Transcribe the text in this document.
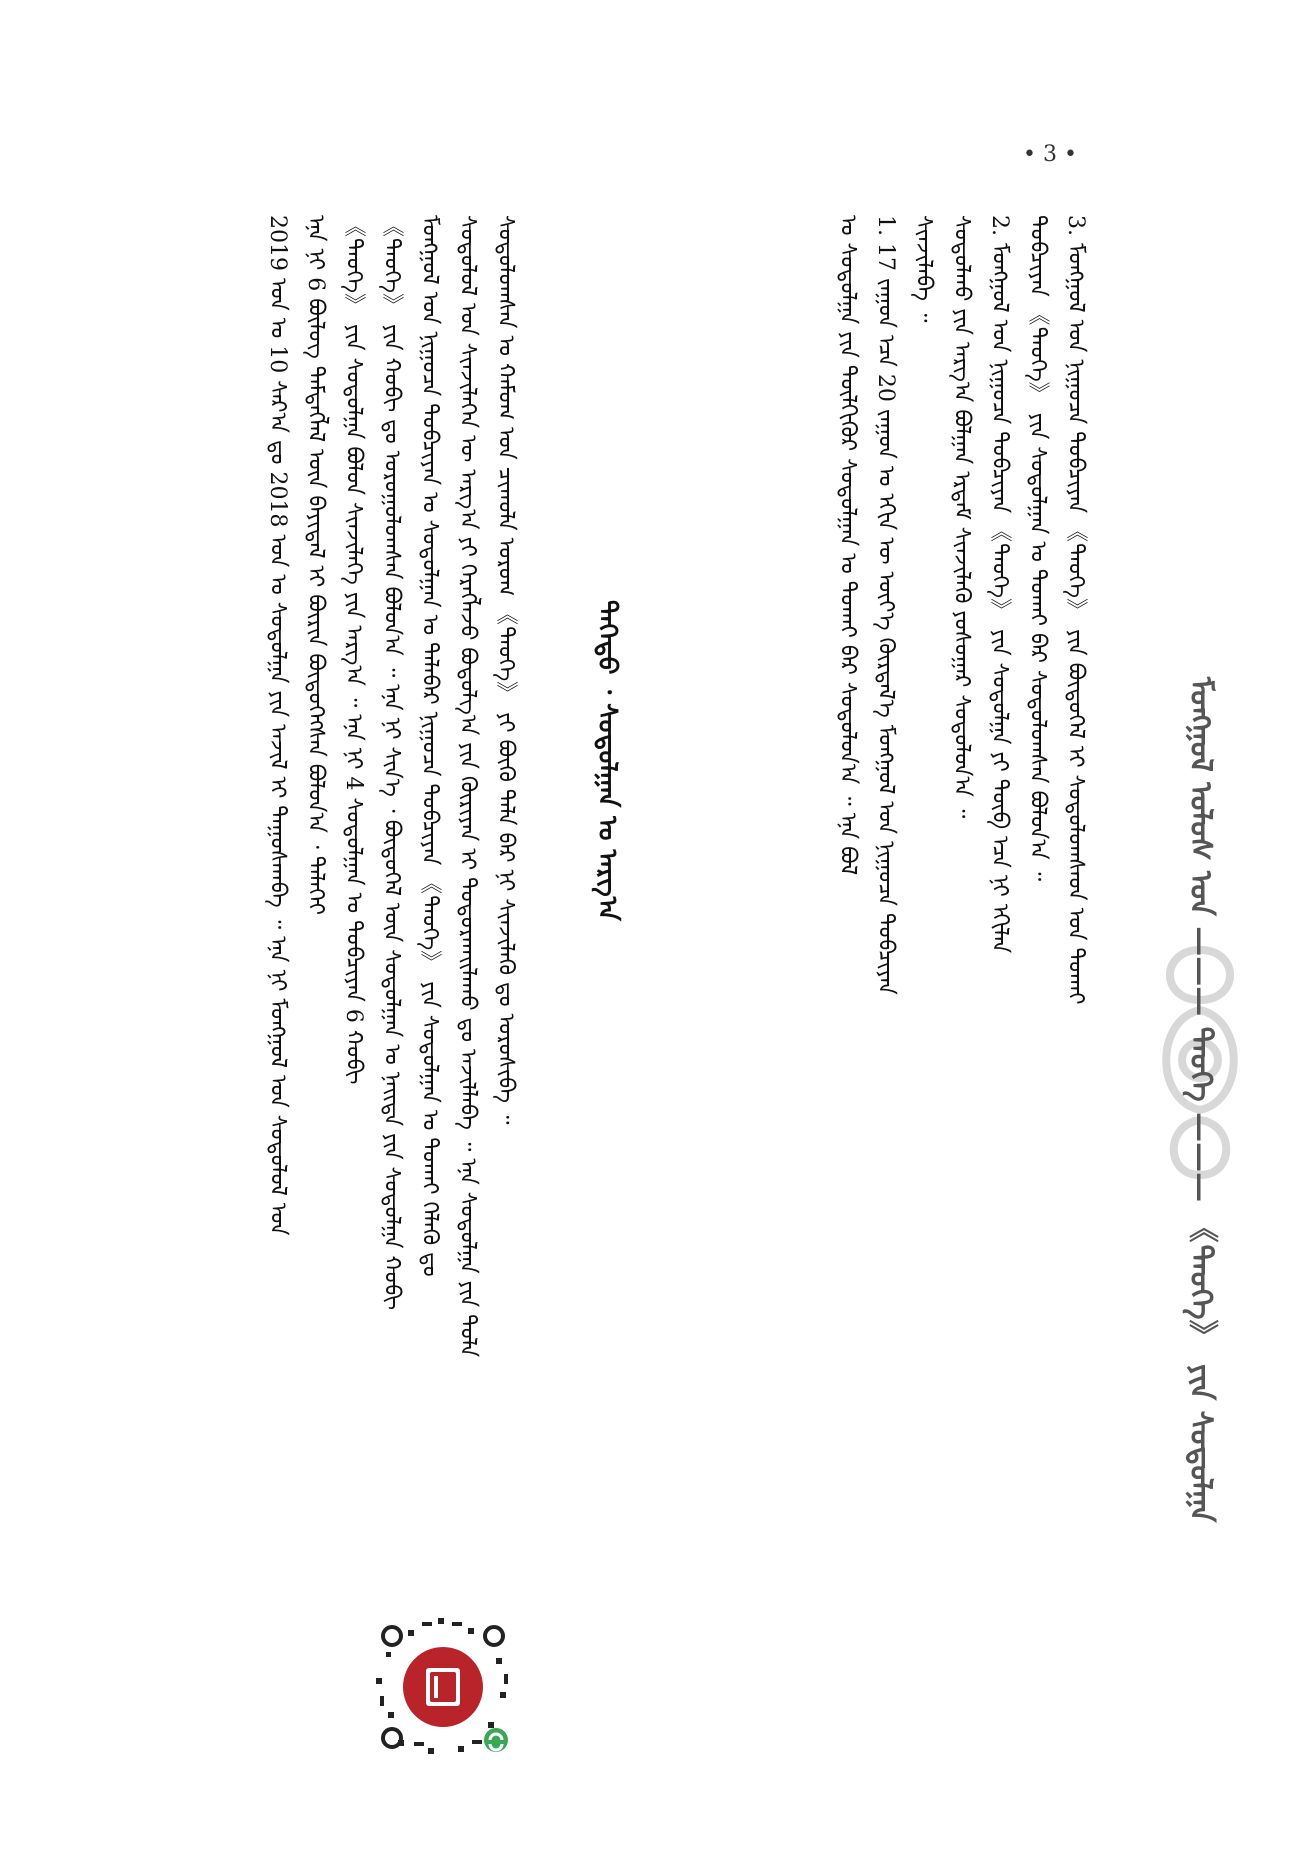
• 3 •
ᠮᠣᠩᠭᠣᠯ ᠤᠯᠤᠰ ᠤᠨ ——— ᠲᠡᠦᠬᠡ ——— 《ᠲᠡᠦᠬᠡ》 ᠶᠢᠨ ᠰᠤᠳᠤᠯᠭᠠ
3. ᠮᠣᠩᠭᠣᠯ ᠤᠨ ᠨᠢᠭᠤᠴᠠ ᠲᠣᠪᠴᠢᠶᠠᠨ 《ᠲᠡᠦᠬᠡ》 ᠶᠢᠨ ᠪᠦᠲᠦᠭᠡᠯ ᠢ ᠰᠤᠳᠤᠯᠤᠭᠰᠠᠳ ᠤᠨ ᠲᠤᠬᠠᠢ
ᠲᠣᠪᠴᠢᠶᠠᠨ 《ᠲᠡᠦᠬᠡ》 ᠶᠢᠨ ᠰᠤᠳᠤᠯᠭᠠᠨ ᠤ ᠲᠤᠬᠠᠢ ᠪᠡᠷ ᠰᠤᠳᠤᠯᠤᠭᠰᠠᠨ ᠪᠣᠯᠤᠨ᠎ᠠ ᠃
2. ᠮᠣᠩᠭᠣᠯ ᠤᠨ ᠨᠢᠭᠤᠴᠠ ᠲᠣᠪᠴᠢᠶᠠᠨ 《ᠲᠡᠦᠬᠡ》 ᠶᠢᠨ ᠰᠤᠳᠤᠯᠭᠠ ᠶᠢ ᠲᠥᠪ ᠡᠴᠡ ᠨᠢ ᠡᠬᠢᠯᠡᠨ
ᠰᠤᠳᠤᠯᠬᠤ ᠶᠢᠨ ᠠᠷᠭ᠎ᠠ ᠪᠣᠯᠭᠠᠨ ᠡᠷᠳᠡᠮ ᠰᠢᠨᠵᠢᠯᠡᠬᠦ ᠶᠤᠰᠤᠭᠠᠷ ᠰᠤᠳᠤᠯᠤᠨ᠎ᠠ ᠃
ᠰᠢᠨᠵᠢᠯᠡᠪᠡ ᠃
1. 17 ᠵᠠᠭᠤᠨ ᠡᠴᠡ 20 ᠵᠠᠭᠤᠨ ᠤ ᠡᠬᠢᠨ ᠦ ᠦᠶ᠎ᠡ ᠬᠦᠷᠲᠡᠯ᠎ᠡ ᠮᠣᠩᠭᠣᠯ ᠤᠨ ᠨᠢᠭᠤᠴᠠ ᠲᠣᠪᠴᠢᠶᠠᠨ
ᠤ ᠰᠤᠳᠤᠯᠭᠠ ᠶᠢᠨ ᠲᠦᠯᠬᠢᠭᠦᠷ ᠰᠤᠳᠤᠯᠭᠠᠨ ᠤ ᠲᠤᠬᠠᠢ ᠪᠡᠷ ᠰᠤᠳᠤᠯᠤᠨ᠎ᠠ ᠃ ᠡᠨᠡ ᠪᠣᠯ
ᠳᠡᠬᠡᠳᠦ ᠂ ᠰᠤᠳᠤᠯᠭᠠᠨ ᠤ ᠠᠷᠭ᠎ᠠ
ᠰᠤᠳᠤᠯᠤᠭᠰᠠᠨ ᠤ ᠬᠠᠮᠤᠭ ᠤᠨ ᠴᠢᠬᠤᠯᠠ ᠤᠷᠤᠭ 《ᠲᠡᠦᠬᠡ》 ᠶᠢ ᠪᠦᠬᠦ ᠳᠠᠯᠠ ᠪᠡᠷ ᠨᠢ ᠰᠢᠨᠵᠢᠯᠡᠬᠦ ᠳᠤ ᠣᠷᠣᠰᠢᠪᠠ ᠃
ᠰᠤᠳᠤᠯᠤᠯ ᠤᠨ ᠰᠢᠨᠵᠢᠯᠡᠭᠡᠨ ᠦ ᠠᠷᠭ᠎ᠠ ᠶᠢ ᠬᠡᠷᠡᠭᠯᠡᠵᠦ ᠪᠣᠳᠣᠯᠭ᠎ᠠ ᠶᠢᠨ ᠬᠦᠷᠢᠶᠡᠨ ᠢ ᠲᠣᠳᠤᠷᠬᠠᠢᠯᠠᠬᠤ ᠳᠤ ᠠᠵᠢᠯᠯᠠᠪᠠ ᠃ ᠡᠨᠡ ᠰᠤᠳᠤᠯᠭᠠ ᠶᠢᠨ ᠲᠤᠯᠠ
ᠮᠣᠩᠭᠣᠯ ᠤᠨ ᠨᠢᠭᠤᠴᠠ ᠲᠣᠪᠴᠢᠶᠠᠨ ᠤ ᠰᠤᠳᠤᠯᠭᠠᠨ ᠤ ᠲᠠᠯᠠᠪᠠᠷ ᠨᠢᠭᠤᠴᠠ ᠲᠣᠪᠴᠢᠶᠠᠨ 《ᠲᠡᠦᠬᠡ》 ᠶᠢᠨ ᠰᠤᠳᠤᠯᠭᠠᠨ ᠤ ᠲᠤᠬᠠᠢ ᠬᠡᠯᠡᠬᠦ ᠳᠤ
《ᠲᠡᠦᠬᠡ》 ᠶᠢᠨ ᠬᠤᠪᠢ ᠳᠤ ᠣᠷᠣᠭᠤᠯᠤᠭᠰᠠᠨ ᠪᠣᠯᠤᠨ᠎ᠠ ᠃ ᠡᠨᠡ ᠨᠢ ᠰᠢᠨ᠎ᠡ ᠂ ᠪᠦᠲᠦᠭᠡᠯ ᠦᠨ ᠰᠤᠳᠤᠯᠭᠠᠨ ᠤ ᠨᠡᠢᠲᠡ ᠶᠢᠨ ᠰᠤᠳᠤᠯᠭᠠ ᠬᠤᠪᠢ
《ᠲᠡᠦᠬᠡ》 ᠶᠢᠨ ᠰᠤᠳᠤᠯᠭᠠ ᠪᠣᠯᠣᠨ ᠰᠢᠨᠵᠢᠯᠡᠭᠡ ᠶᠢᠨ ᠠᠷᠭ᠎ᠠ ᠃ ᠡᠨᠡ ᠨᠢ 4 ᠰᠤᠳᠤᠯᠭᠠᠨ ᠤ ᠲᠣᠪᠴᠢᠶᠠᠨ 6 ᠬᠤᠪᠢ
ᠡᠨᠡ ᠨᠢ 6 ᠪᠦᠯᠦᠭ ᠲᠡᠮᠳᠡᠭᠯᠡᠯ ᠦᠨ ᠪᠠᠶᠢᠳᠠᠯ ᠢ ᠪᠦᠷᠢᠨ ᠪᠦᠲᠦᠭᠡᠭᠰᠡᠨ ᠪᠣᠯᠤᠨ᠎ᠠ ᠂ ᠳᠡᠯᠡᠬᠡᠢ
2019 ᠣᠨ ᠤ 10 ᠰᠠᠷ᠎ᠠ ᠳᠤ 2018 ᠣᠨ ᠤ ᠰᠤᠳᠤᠯᠭᠠ ᠶᠢᠨ ᠠᠵᠢᠯ ᠢ ᠳᠠᠭᠤᠰᠬᠠᠪᠠ ᠃ ᠡᠨᠡ ᠨᠢ ᠮᠣᠩᠭᠣᠯ ᠤᠨ ᠰᠤᠳᠤᠯᠤᠯ ᠤᠨ
